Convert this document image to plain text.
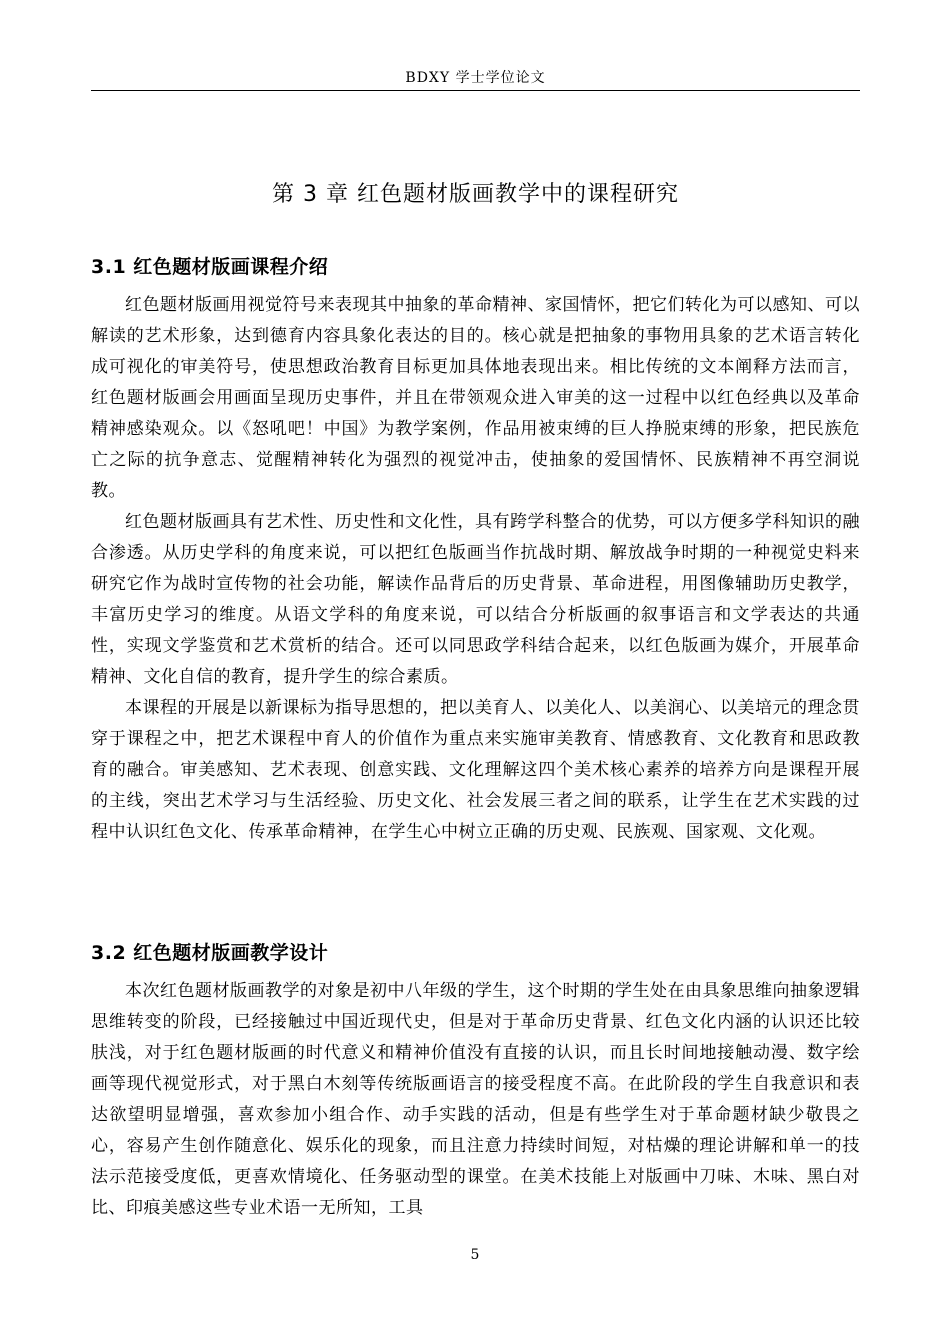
BDXY 学士学位论文
第 3 章 红色题材版画教学中的课程研究
3.1 红色题材版画课程介绍

红色题材版画用视觉符号来表现其中抽象的革命精神、家国情怀，把它们转化为可以感知、可以解读的艺术形象，达到德育内容具象化表达的目的。核心就是把抽象的事物用具象的艺术语言转化成可视化的审美符号，使思想政治教育目标更加具体地表现出来。相比传统的文本阐释方法而言，红色题材版画会用画面呈现历史事件，并且在带领观众进入审美的这一过程中以红色经典以及革命精神感染观众。以《怒吼吧！中国》为教学案例，作品用被束缚的巨人挣脱束缚的形象，把民族危亡之际的抗争意志、觉醒精神转化为强烈的视觉冲击，使抽象的爱国情怀、民族精神不再空洞说教。

红色题材版画具有艺术性、历史性和文化性，具有跨学科整合的优势，可以方便多学科知识的融合渗透。从历史学科的角度来说，可以把红色版画当作抗战时期、解放战争时期的一种视觉史料来研究它作为战时宣传物的社会功能，解读作品背后的历史背景、革命进程，用图像辅助历史教学，丰富历史学习的维度。从语文学科的角度来说，可以结合分析版画的叙事语言和文学表达的共通性，实现文学鉴赏和艺术赏析的结合。还可以同思政学科结合起来，以红色版画为媒介，开展革命精神、文化自信的教育，提升学生的综合素质。

本课程的开展是以新课标为指导思想的，把以美育人、以美化人、以美润心、以美培元的理念贯穿于课程之中，把艺术课程中育人的价值作为重点来实施审美教育、情感教育、文化教育和思政教育的融合。审美感知、艺术表现、创意实践、文化理解这四个美术核心素养的培养方向是课程开展的主线，突出艺术学习与生活经验、历史文化、社会发展三者之间的联系，让学生在艺术实践的过程中认识红色文化、传承革命精神，在学生心中树立正确的历史观、民族观、国家观、文化观。

3.2 红色题材版画教学设计

本次红色题材版画教学的对象是初中八年级的学生，这个时期的学生处在由具象思维向抽象逻辑思维转变的阶段，已经接触过中国近现代史，但是对于革命历史背景、红色文化内涵的认识还比较肤浅，对于红色题材版画的时代意义和精神价值没有直接的认识，而且长时间地接触动漫、数字绘画等现代视觉形式，对于黑白木刻等传统版画语言的接受程度不高。在此阶段的学生自我意识和表达欲望明显增强，喜欢参加小组合作、动手实践的活动，但是有些学生对于革命题材缺少敬畏之心，容易产生创作随意化、娱乐化的现象，而且注意力持续时间短，对枯燥的理论讲解和单一的技法示范接受度低，更喜欢情境化、任务驱动型的课堂。在美术技能上对版画中刀味、木味、黑白对比、印痕美感这些专业术语一无所知，工具

5
